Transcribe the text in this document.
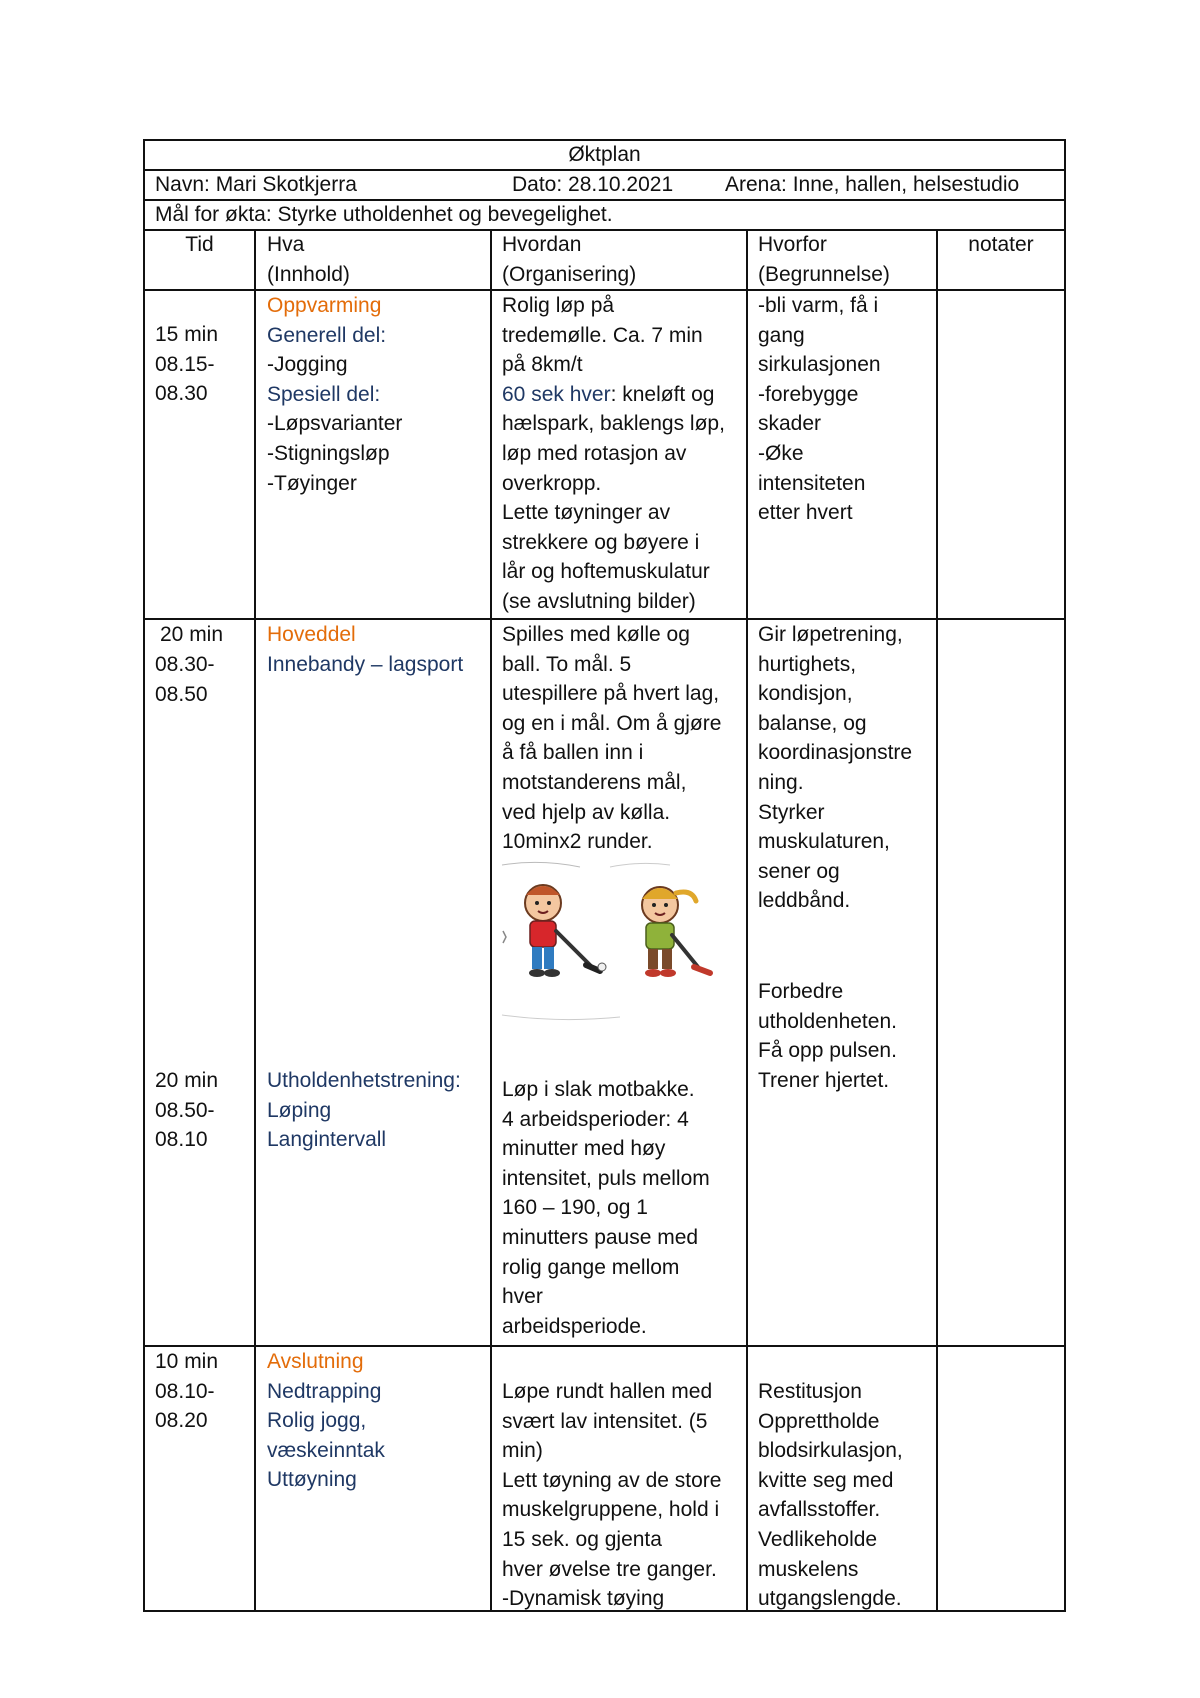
Øktplan
Navn: Mari Skotkjerra	Dato: 28.10.2021 Arena: Inne, hallen, helsestudio
Mål for økta: Styrke utholdenhet og bevegelighet.
Tid	Hva
(Innhold)
Hvordan
(Organisering)
Hvorfor
(Begrunnelse)
notater
15 min
08.15-
08.30
Oppvarming
Generell del:
-Jogging
Spesiell del:
-Løpsvarianter
-Stigningsløp
-Tøyinger
Rolig løp på
tredemølle. Ca. 7 min
på 8km/t
60 sek hver: kneløft og
hælspark, baklengs løp,
løp med rotasjon av
overkropp.
Lette tøyninger av
strekkere og bøyere i
lår og hoftemuskulatur
(se avslutning bilder)
-bli varm, få i
gang
sirkulasjonen
-forebygge
skader
-Øke
intensiteten
etter hvert
20 min
08.30-
08.50
Hoveddel
Innebandy – lagsport
Spilles med kølle og
ball. To mål. 5
utespillere på hvert lag,
og en i mål. Om å gjøre
å få ballen inn i
motstanderens mål,
ved hjelp av kølla.
10minx2 runder.
20 min
08.50-
08.10
Utholdenhetstrening:
Løping
Langintervall
Løp i slak motbakke.
4 arbeidsperioder: 4
minutter med høy
intensitet, puls mellom
160 – 190, og 1
minutters pause med
rolig gange mellom
hver
arbeidsperiode.
Gir løpetrening,
hurtighets,
kondisjon,
balanse, og
koordinasjonstre
ning.
Styrker
muskulaturen,
sener og
leddbånd.
Forbedre
utholdenheten.
Få opp pulsen.
Trener hjertet.
10 min
08.10-
08.20
Avslutning
Nedtrapping
Rolig jogg,
væskeinntak
Uttøyning
Løpe rundt hallen med
svært lav intensitet. (5
min)
Lett tøyning av de store
muskelgruppene, hold i
15 sek. og gjenta
hver øvelse tre ganger.
-Dynamisk tøying
Restitusjon
Opprettholde
blodsirkulasjon,
kvitte seg med
avfallsstoffer.
Vedlikeholde
muskelens
utgangslengde.
